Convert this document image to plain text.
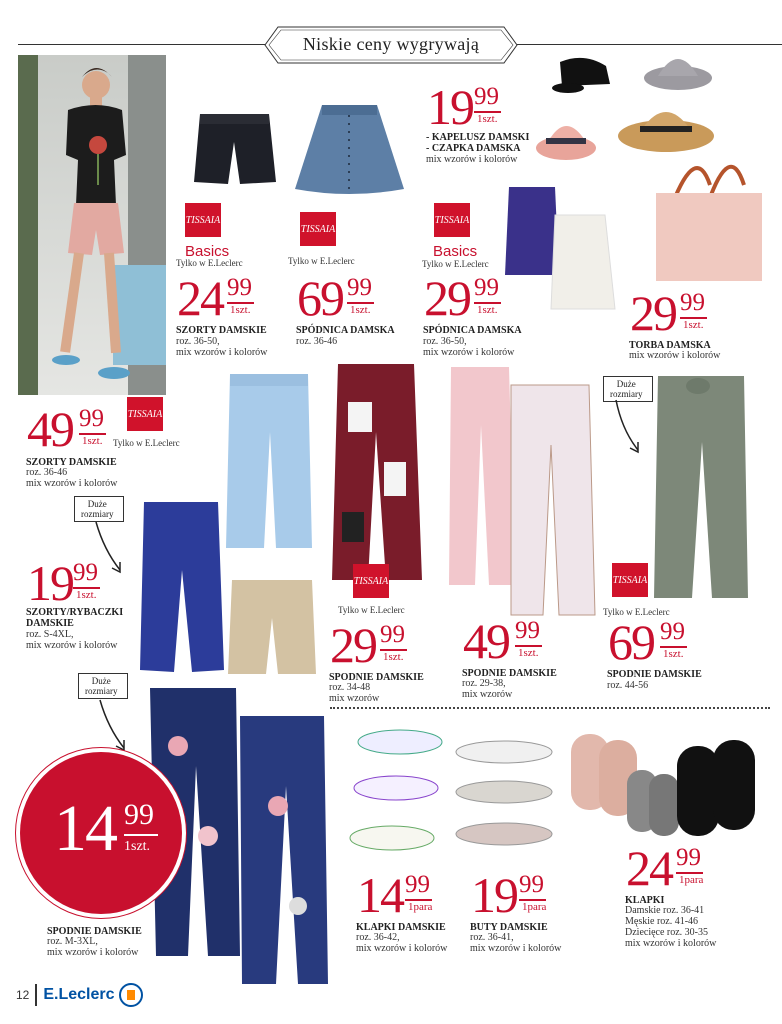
Niskie ceny wygrywają
TISSAIA
Basics
Tylko w E.Leclerc
TISSAIA
Tylko w E.Leclerc
TISSAIA
Basics
Tylko w E.Leclerc
TISSAIA
Tylko w E.Leclerc
TISSAIA
Tylko w E.Leclerc
TISSAIA
Tylko w E.Leclerc
Duże
rozmiary
Duże
rozmiary
Duże
rozmiary
19 99
1szt.
- KAPELUSZ DAMSKI
- CZAPKA DAMSKA
mix wzorów i kolorów
24 99
1szt.
SZORTY DAMSKIE
roz. 36-50,
mix wzorów i kolorów
69 99
1szt.
SPÓDNICA DAMSKA
roz. 36-46
29 99
1szt.
SPÓDNICA DAMSKA
roz. 36-50,
mix wzorów i kolorów
29 99
1szt.
TORBA DAMSKA
mix wzorów i kolorów
49 99
1szt.
SZORTY DAMSKIE
roz. 36-46
mix wzorów i kolorów
19 99
1szt.
SZORTY/RYBACZKI
DAMSKIE
roz. S-4XL,
mix wzorów i kolorów	29 99
1szt.
SPODNIE DAMSKIE
roz. 34-48
mix wzorów
49 99
1szt.
SPODNIE DAMSKIE
roz. 29-38,
mix wzorów
69 99
1szt.
SPODNIE DAMSKIE
roz. 44-56
14 99
1szt.
SPODNIE DAMSKIE
roz. M-3XL,
mix wzorów i kolorów
14 99
1para
KLAPKI DAMSKIE
roz. 36-42,
mix wzorów i kolorów
19 99
1para
BUTY DAMSKIE
roz. 36-41,
mix wzorów i kolorów
24 99
1para
KLAPKI
Damskie roz. 36-41
Męskie roz. 41-46
Dziecięce roz. 30-35
mix wzorów i kolorów
12 E.Leclerc
